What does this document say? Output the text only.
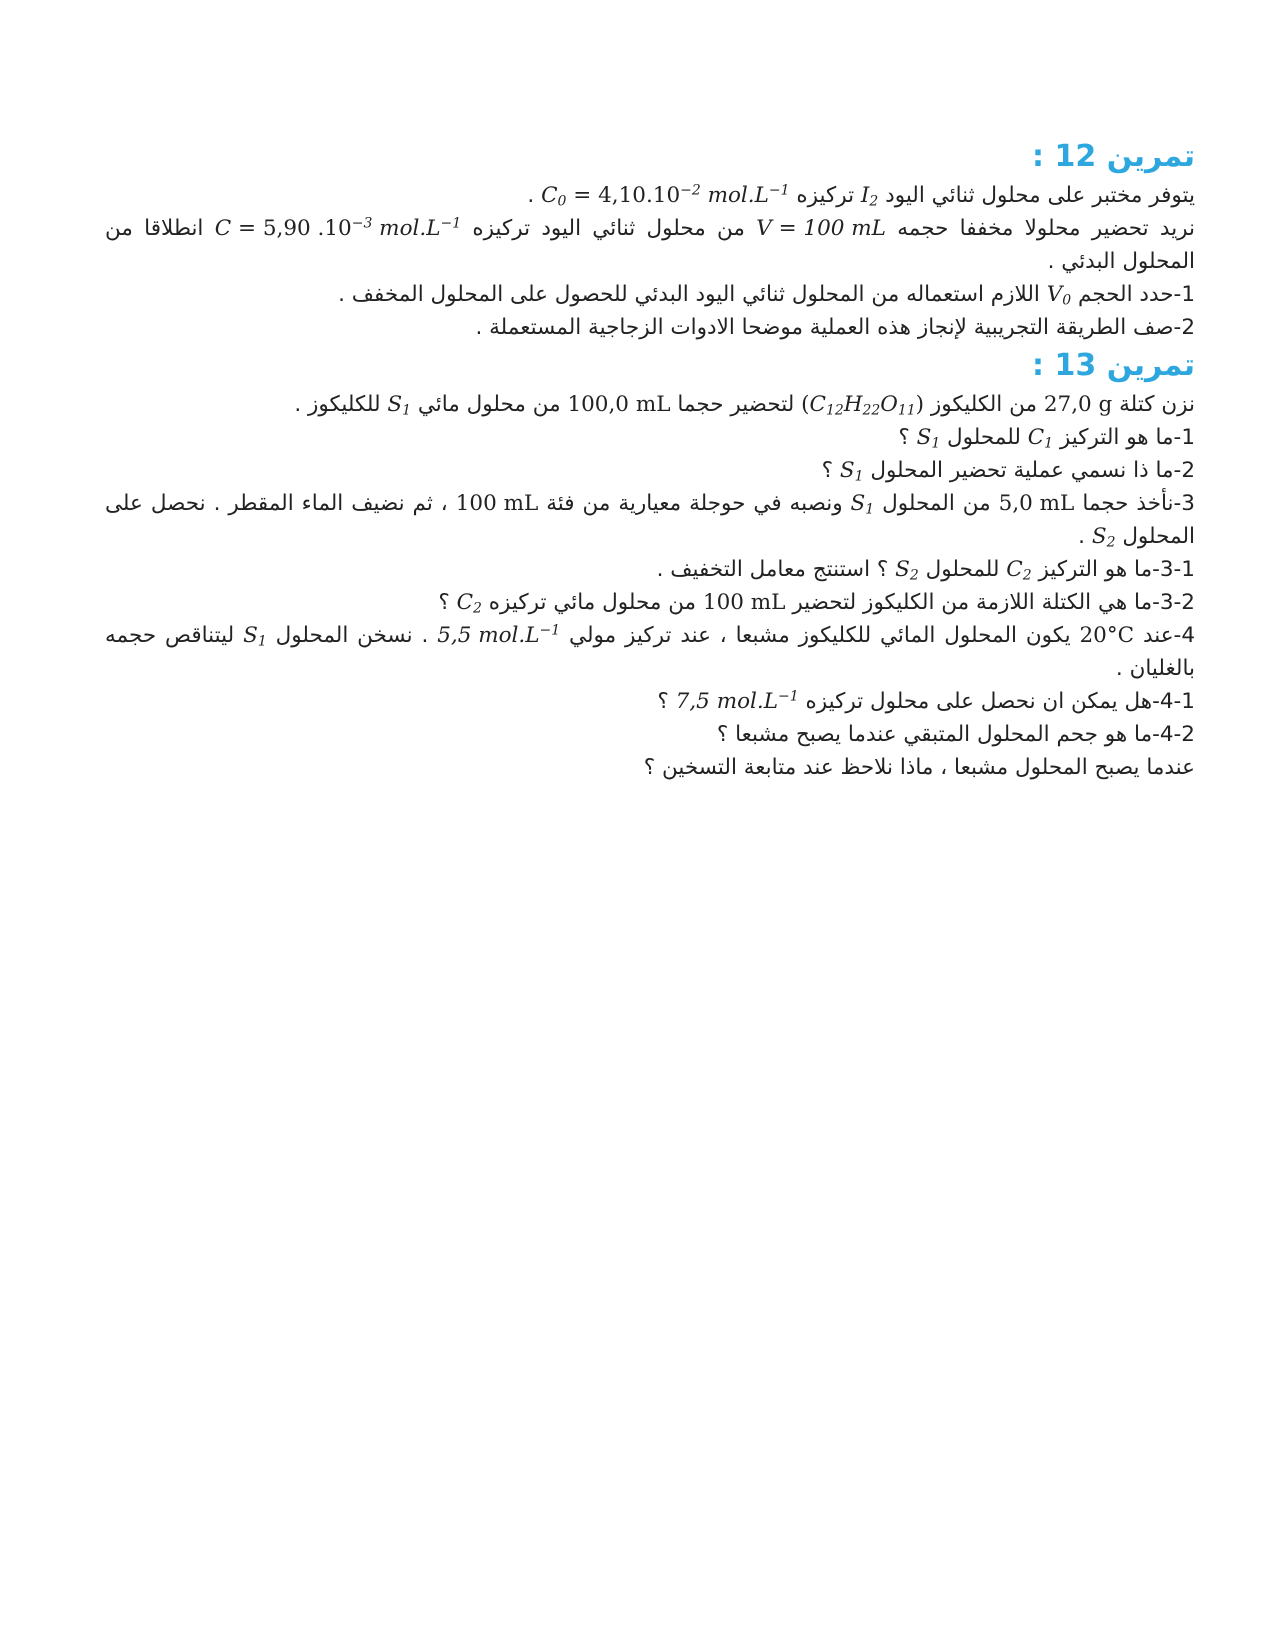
تمرين 12 :

يتوفر مختبر على محلول ثنائي اليود $I_2$ تركيزه $C_0 = 4,10.10^{-2}$ $mol.L^{-1}$ .

نريد تحضير محلولا مخففا حجمه V = 100 mL من محلول ثنائي اليود تركيزه C = 5,90 $.10^{-3}$ $mol.L^{-1}$ انطلاقا من المحلول البدئي .

1-حدد الحجم $V_0$ اللازم استعماله من المحلول ثنائي اليود البدئي للحصول على المحلول المخفف .

2-صف الطريقة التجريبية لإنجاز هذه العملية موضحا الادوات الزجاجية المستعملة .

تمرين 13 :

نزن كتلة 27,0 g من الكليكوز $(C_{12}H_{22}O_{11})$ لتحضير حجما 100,0 mL من محلول مائي $S_1$ للكليكوز .

1-ما هو التركيز $C_1$ للمحلول $S_1$ ؟

2-ما ذا نسمي عملية تحضير المحلول $S_1$ ؟

3-نأخذ حجما 5,0 mL من المحلول $S_1$ ونصبه في حوجلة معيارية من فئة 100 mL ، ثم نضيف الماء المقطر . نحصل على المحلول $S_2$ .

3-1-ما هو التركيز $C_2$ للمحلول $S_2$ ؟ استنتج معامل التخفيف .

3-2-ما هي الكتلة اللازمة من الكليكوز لتحضير 100 mL من محلول مائي تركيزه $C_2$ ؟

4-عند 20°C يكون المحلول المائي للكليكوز مشبعا ، عند تركيز مولي 5,5 $mol.L^{-1}$ . نسخن المحلول $S_1$ ليتناقص حجمه بالغليان .

4-1-هل يمكن ان نحصل على محلول تركيزه 7,5 $mol.L^{-1}$ ؟

4-2-ما هو جحم المحلول المتبقي عندما يصبح مشبعا ؟

عندما يصبح المحلول مشبعا ، ماذا نلاحظ عند متابعة التسخين ؟
